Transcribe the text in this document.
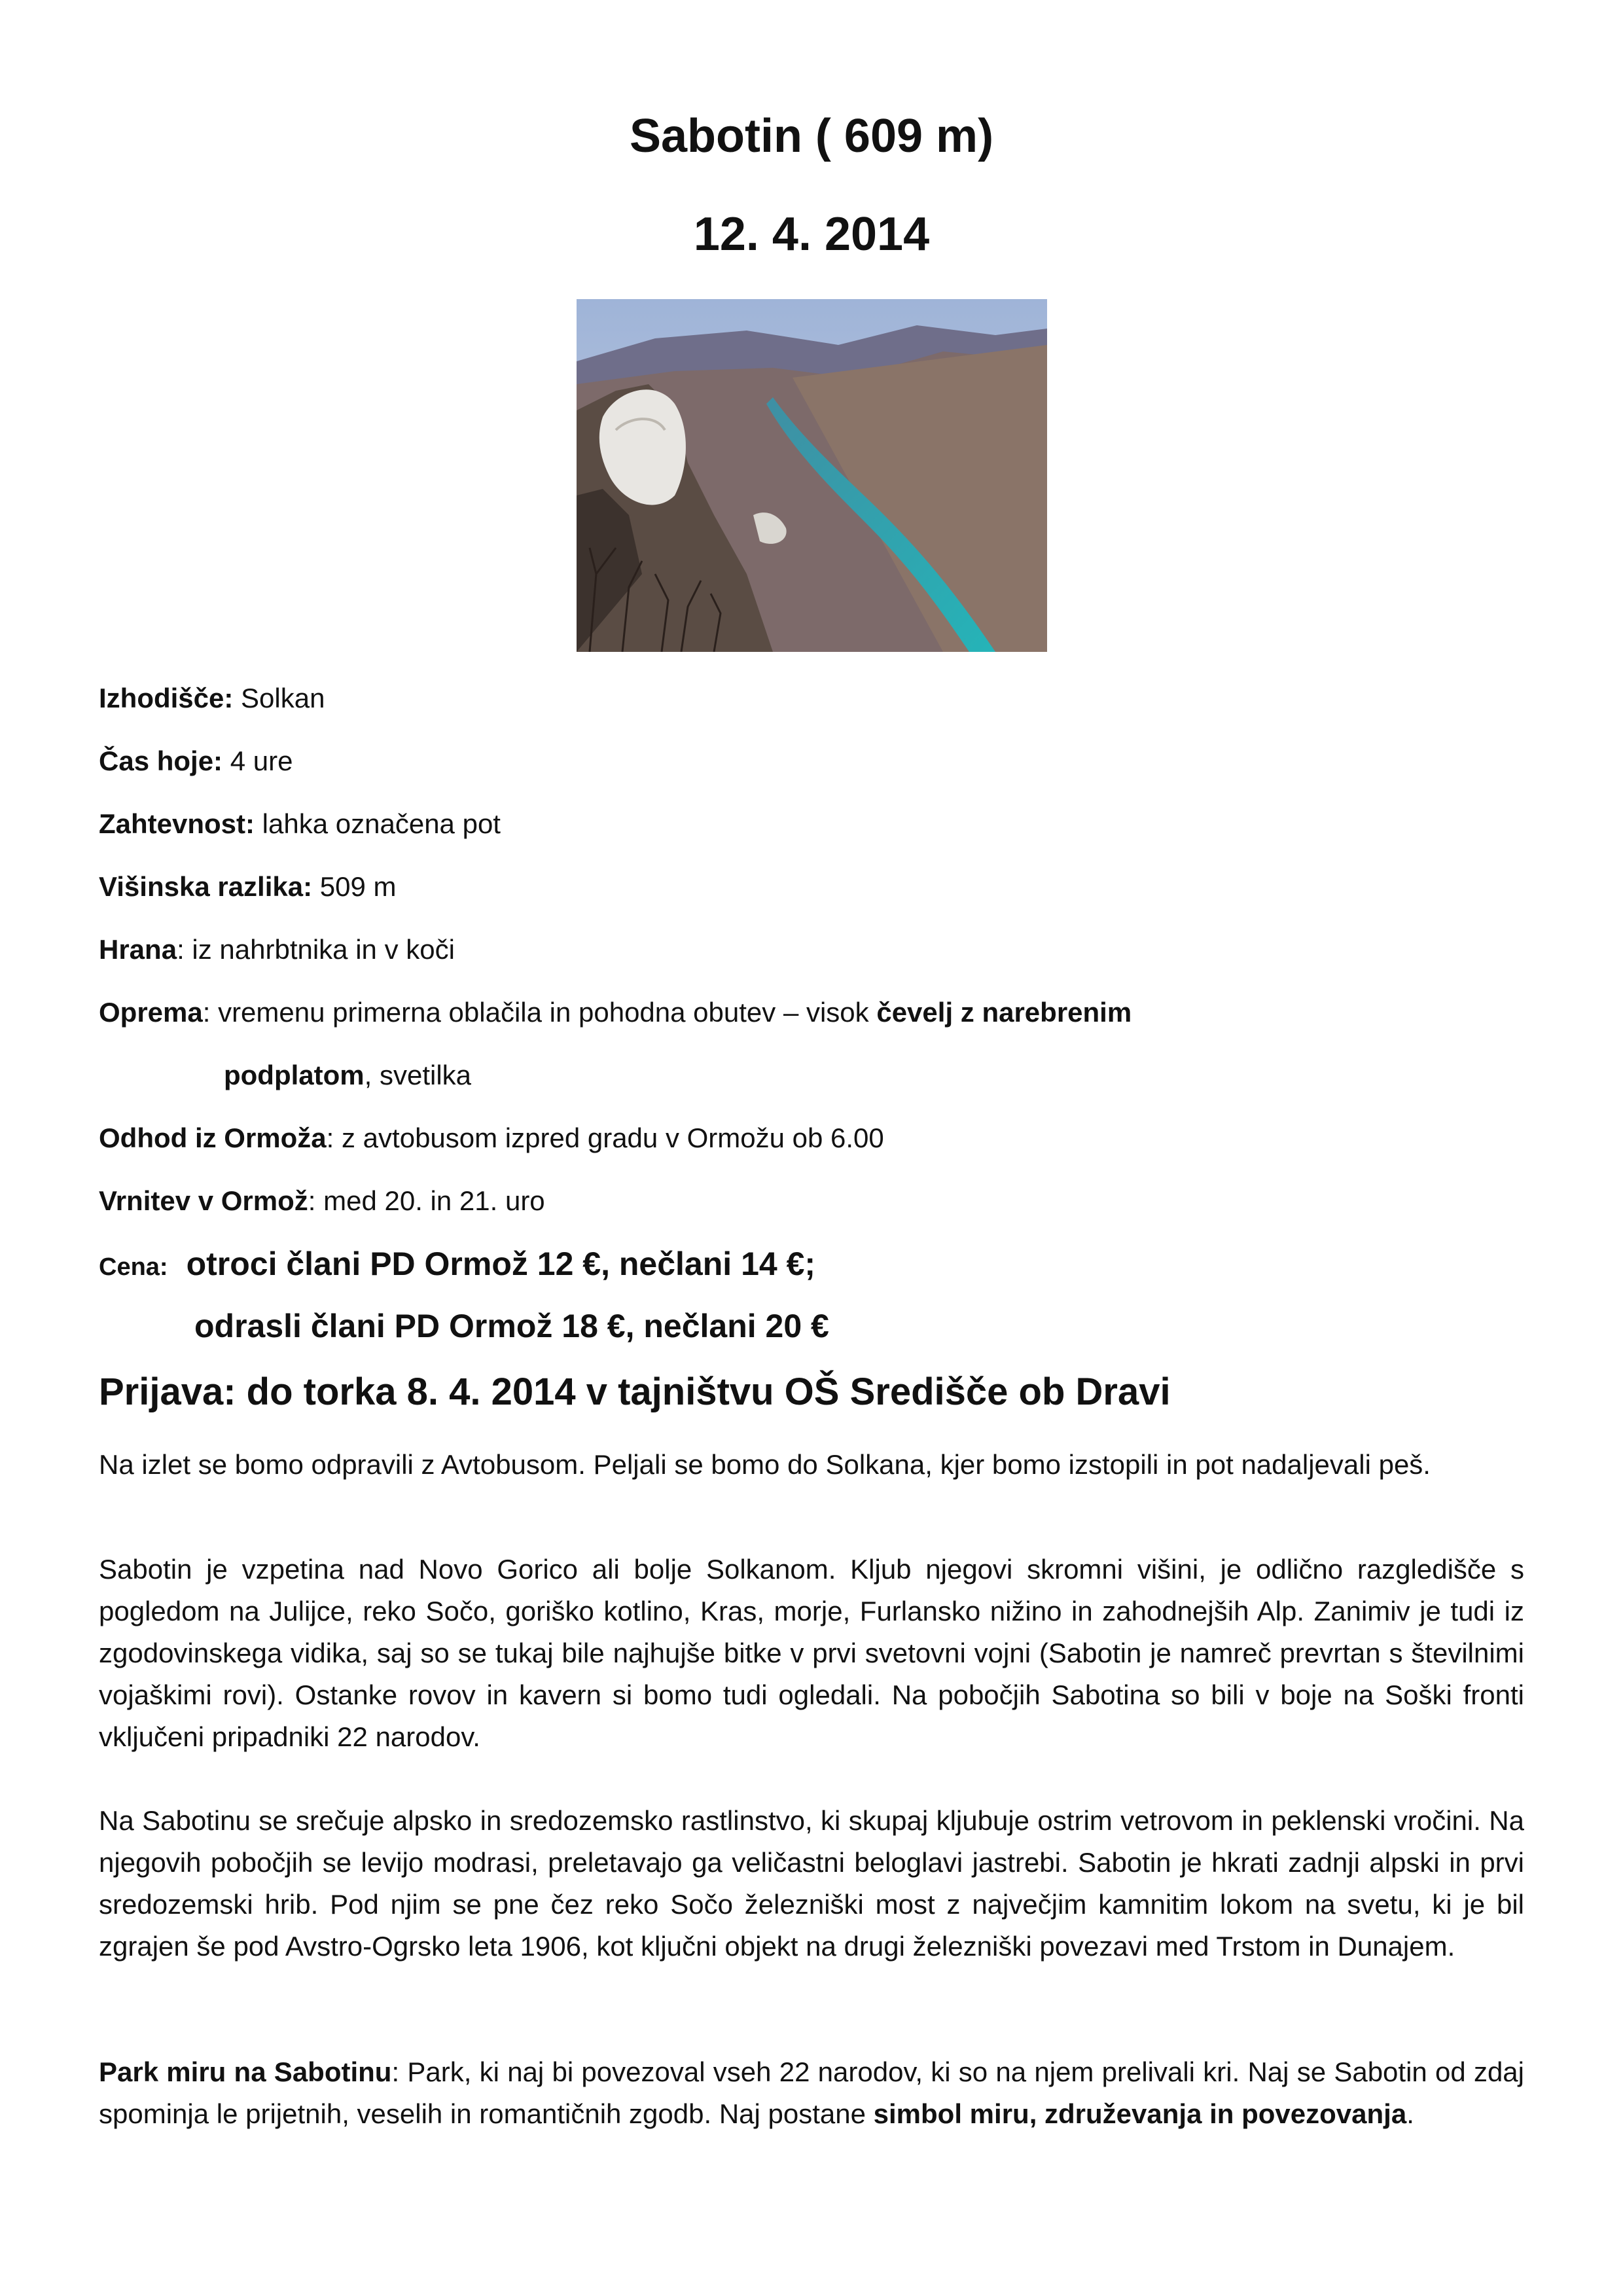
Sabotin ( 609 m)
12. 4. 2014
Izhodišče: Solkan
Čas hoje: 4 ure
Zahtevnost: lahka označena pot
Višinska razlika: 509 m
Hrana: iz nahrbtnika in v koči
Oprema: vremenu primerna oblačila in pohodna obutev – visok čevelj z narebrenim
podplatom, svetilka
Odhod iz Ormoža: z avtobusom izpred gradu v Ormožu ob 6.00
Vrnitev v Ormož: med 20. in 21. uro
Cena: otroci člani PD Ormož 12 €, nečlani 14 €;
odrasli člani PD Ormož 18 €, nečlani 20 €
Prijava: do torka 8. 4. 2014 v tajništvu OŠ Središče ob Dravi

Na izlet se bomo odpravili z Avtobusom. Peljali se bomo do Solkana, kjer bomo izstopili in pot nadaljevali peš.

Sabotin je vzpetina nad Novo Gorico ali bolje Solkanom. Kljub njegovi skromni višini, je odlično razgledišče s pogledom na Julijce, reko Sočo, goriško kotlino, Kras, morje, Furlansko nižino in zahodnejših Alp. Zanimiv je tudi iz zgodovinskega vidika, saj so se tukaj bile najhujše bitke v prvi svetovni vojni (Sabotin je namreč prevrtan s številnimi vojaškimi rovi). Ostanke rovov in kavern si bomo tudi ogledali. Na pobočjih Sabotina so bili v boje na Soški fronti vključeni pripadniki 22 narodov.

Na Sabotinu se srečuje alpsko in sredozemsko rastlinstvo, ki skupaj kljubuje ostrim vetrovom in peklenski vročini. Na njegovih pobočjih se levijo modrasi, preletavajo ga veličastni beloglavi jastrebi. Sabotin je hkrati zadnji alpski in prvi sredozemski hrib. Pod njim se pne čez reko Sočo železniški most z največjim kamnitim lokom na svetu, ki je bil zgrajen še pod Avstro-Ogrsko leta 1906, kot ključni objekt na drugi železniški povezavi med Trstom in Dunajem.

Park miru na Sabotinu: Park, ki naj bi povezoval vseh 22 narodov, ki so na njem prelivali kri. Naj se Sabotin od zdaj spominja le prijetnih, veselih in romantičnih zgodb. Naj postane simbol miru, združevanja in povezovanja.
